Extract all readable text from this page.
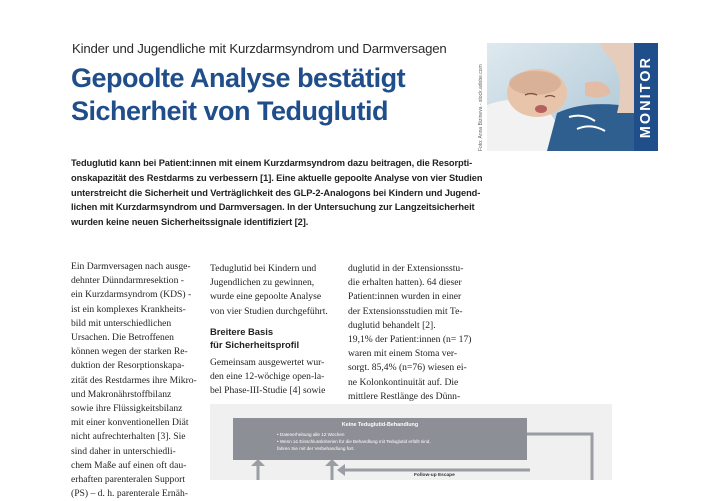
Kinder und Jugendliche mit Kurzdarmsyndrom und Darmversagen
Gepoolte Analyse bestätigt
Sicherheit von Teduglutid	Foto: Anna Bizineva - stock.adobe.com	MONITOR
Teduglutid kann bei Patient:innen mit einem Kurzdarmsyndrom dazu beitragen, die Resorpti-
onskapazität des Restdarms zu verbessern [1]. Eine aktuelle gepoolte Analyse von vier Studien
unterstreicht die Sicherheit und Verträglichkeit des GLP-2-Analogons bei Kindern und Jugend-
lichen mit Kurzdarmsyndrom und Darmversagen. In der Untersuchung zur Langzeitsicherheit
wurden keine neuen Sicherheitssignale identifiziert [2].
Ein Darmversagen nach ausge-
dehnter Dünndarmresektion -
ein Kurzdarmsyndrom (KDS) -
ist ein komplexes Krankheits-
bild mit unterschiedlichen
Ursachen. Die Betroffenen
können wegen der starken Re-
duktion der Resorptionskapa-
zität des Restdarmes ihre Mikro-
und Makronährstoffbilanz
sowie ihre Flüssigkeitsbilanz
mit einer konventionellen Diät
nicht aufrechterhalten [3]. Sie
sind daher in unterschiedli-
chem Maße auf einen oft dau-
erhaften parenteralen Support
(PS) – d. h. parenterale Ernäh-
Teduglutid bei Kindern und
Jugendlichen zu gewinnen,
wurde eine gepoolte Analyse
von vier Studien durchgeführt.
Breitere Basis
für Sicherheitsprofil
Gemeinsam ausgewertet wur-
den eine 12-wöchige open-la-
bel Phase-III-Studie [4] sowie
duglutid in der Extensionsstu-
die erhalten hatten). 64 dieser
Patient:innen wurden in einer
der Extensionsstudien mit Te-
duglutid behandelt [2].
19,1% der Patient:innen (n= 17)
waren mit einem Stoma ver-
sorgt. 85,4% (n=76) wiesen ei-
ne Kolonkontinuität auf. Die
mittlere Restlänge des Dünn-
Keine Teduglutid-Behandlung
• Datenerhebung alle 12 Wochen
• Wenn ≥1 Einschlusskriterien für die Behandlung mit Teduglutid erfüllt sind,
fahren Sie mit der Verbehandlung fort.
Follow-up Escape
